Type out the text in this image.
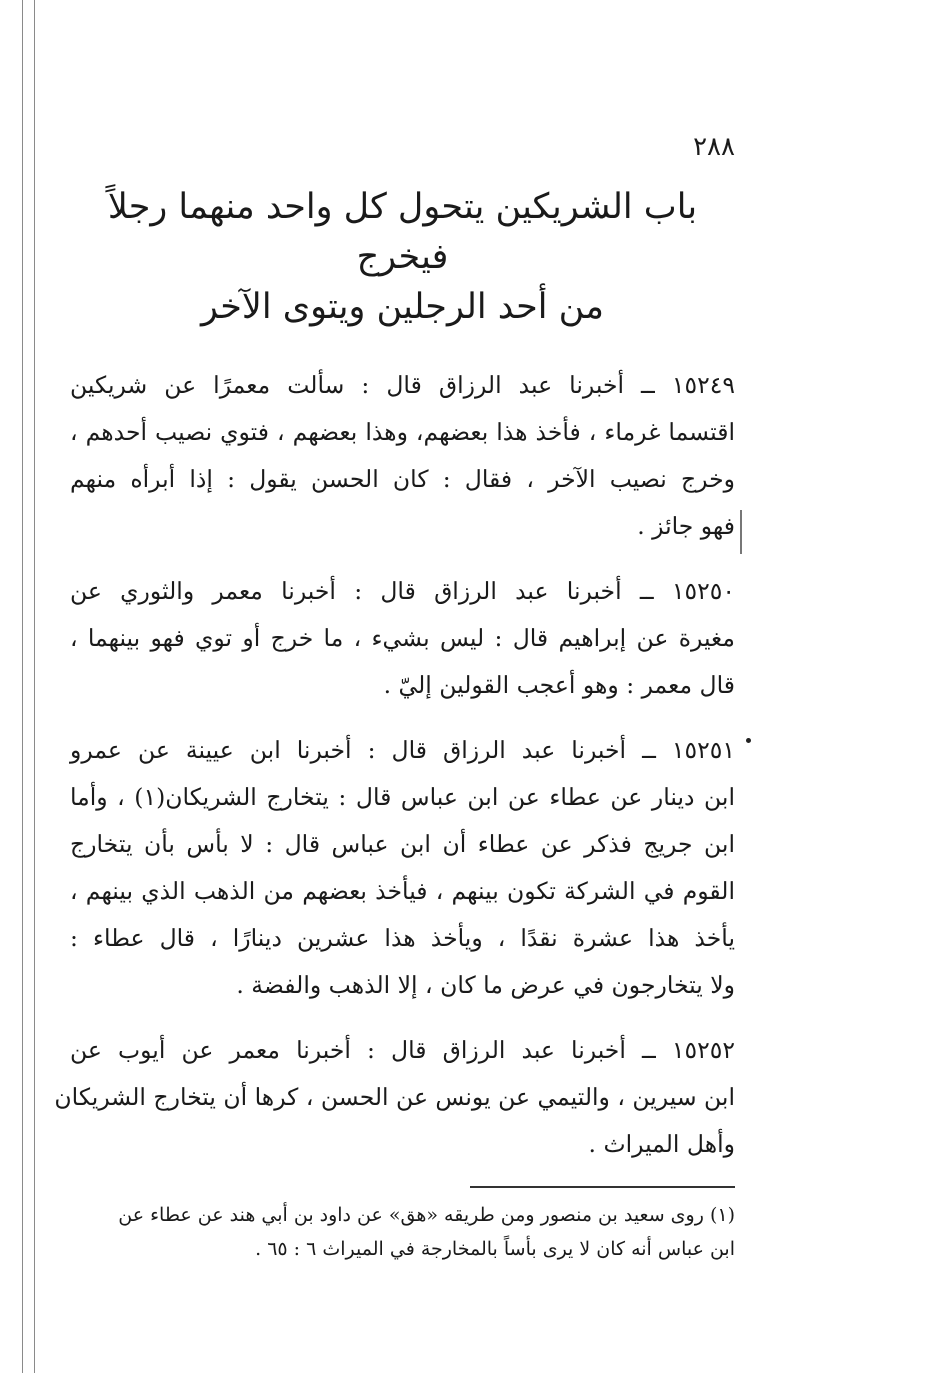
٢٨٨
باب الشريكين يتحول كل واحد منهما رجلاً فيخرج
من أحد الرجلين ويتوى الآخر
١٥٢٤٩ ــ أخبرنا عبد الرزاق قال : سألت معمرًا عن شريكين
اقتسما غرماء ، فأخذ هذا بعضهم، وهذا بعضهم ، فتوي نصيب أحدهم ،
وخرج نصيب الآخر ، فقال : كان الحسن يقول : إذا أبرأه منهم
فهو جائز .
١٥٢٥٠ ــ أخبرنا عبد الرزاق قال : أخبرنا معمر والثوري عن
مغيرة عن إبراهيم قال : ليس بشيء ، ما خرج أو توي فهو بينهما ،
قال معمر : وهو أعجب القولين إليّ .
١٥٢٥١ ــ أخبرنا عبد الرزاق قال : أخبرنا ابن عيينة عن عمرو
ابن دينار عن عطاء عن ابن عباس قال : يتخارج الشريكان(١) ، وأما
ابن جريج فذكر عن عطاء أن ابن عباس قال : لا بأس بأن يتخارج
القوم في الشركة تكون بينهم ، فيأخذ بعضهم من الذهب الذي بينهم ،
يأخذ هذا عشرة نقدًا ، ويأخذ هذا عشرين دينارًا ، قال عطاء :
ولا يتخارجون في عرض ما كان ، إلا الذهب والفضة .
١٥٢٥٢ ــ أخبرنا عبد الرزاق قال : أخبرنا معمر عن أيوب عن
ابن سيرين ، والتيمي عن يونس عن الحسن ، كرها أن يتخارج الشريكان
وأهل الميراث .
(١) روى سعيد بن منصور ومن طريقه «هق» عن داود بن أبي هند عن عطاء عن
ابن عباس أنه كان لا يرى بأساً بالمخارجة في الميراث ٦ : ٦٥ .
